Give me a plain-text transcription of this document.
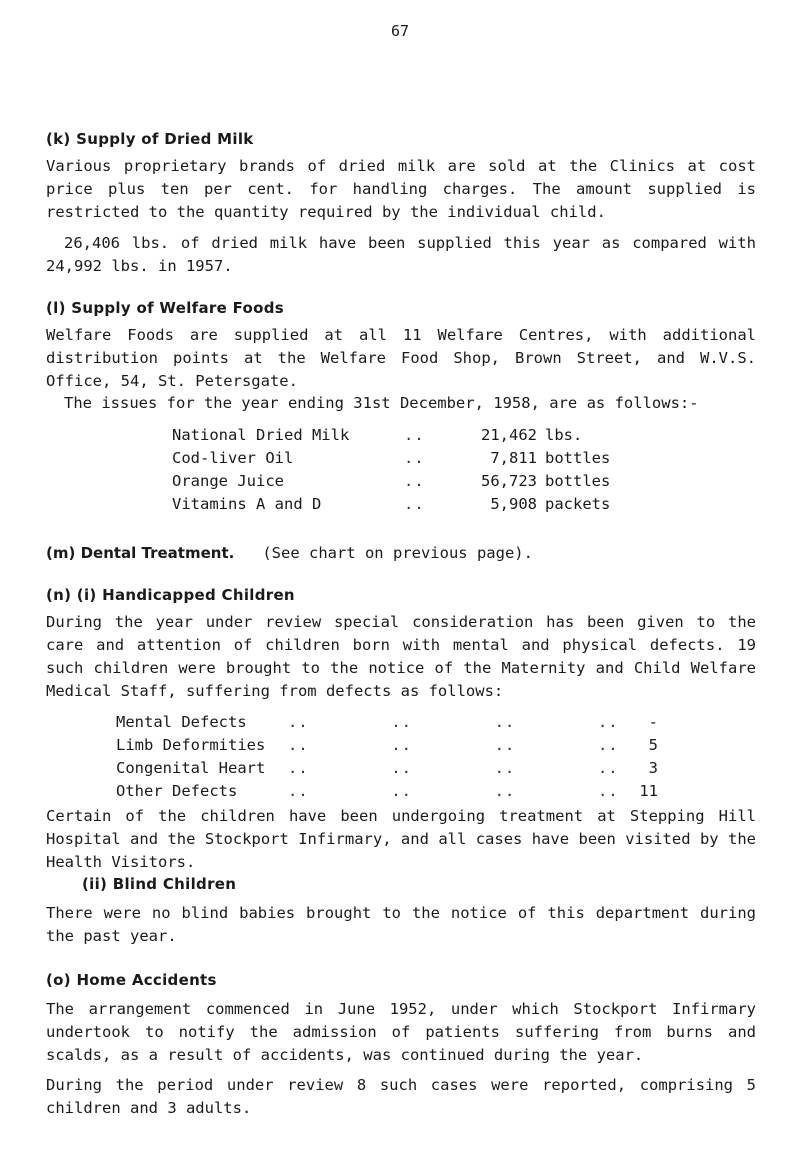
67
(k) Supply of Dried Milk
Various proprietary brands of dried milk are sold at the Clinics at cost price plus ten per cent. for handling charges. The amount supplied is restricted to the quantity required by the individual child.
26,406 lbs. of dried milk have been supplied this year as compared with 24,992 lbs. in 1957.
(l) Supply of Welfare Foods
Welfare Foods are supplied at all 11 Welfare Centres, with additional distribution points at the Welfare Food Shop, Brown Street, and W.V.S. Office, 54, St. Petersgate.
The issues for the year ending 31st December, 1958, are as follows:-
National Dried Milk	..	21,462	lbs.
Cod-liver Oil	..	7,811	bottles
Orange Juice	..	56,723	bottles
Vitamins A and D	..	5,908	packets
(m) Dental Treatment. (See chart on previous page).
(n) (i) Handicapped Children
During the year under review special consideration has been given to the care and attention of children born with mental and physical defects. 19 such children were brought to the notice of the Maternity and Child Welfare Medical Staff, suffering from defects as follows:
Mental Defects	..        ..        ..        ..	-
Limb Deformities	..        ..        ..        ..	5
Congenital Heart	..        ..        ..        ..	3
Other Defects	..        ..        ..        ..	11
Certain of the children have been undergoing treatment at Stepping Hill Hospital and the Stockport Infirmary, and all cases have been visited by the Health Visitors.
(ii) Blind Children
There were no blind babies brought to the notice of this department during the past year.
(o) Home Accidents
The arrangement commenced in June 1952, under which Stockport Infirmary undertook to notify the admission of patients suffering from burns and scalds, as a result of accidents, was continued during the year.
During the period under review 8 such cases were reported, comprising 5 children and 3 adults.
